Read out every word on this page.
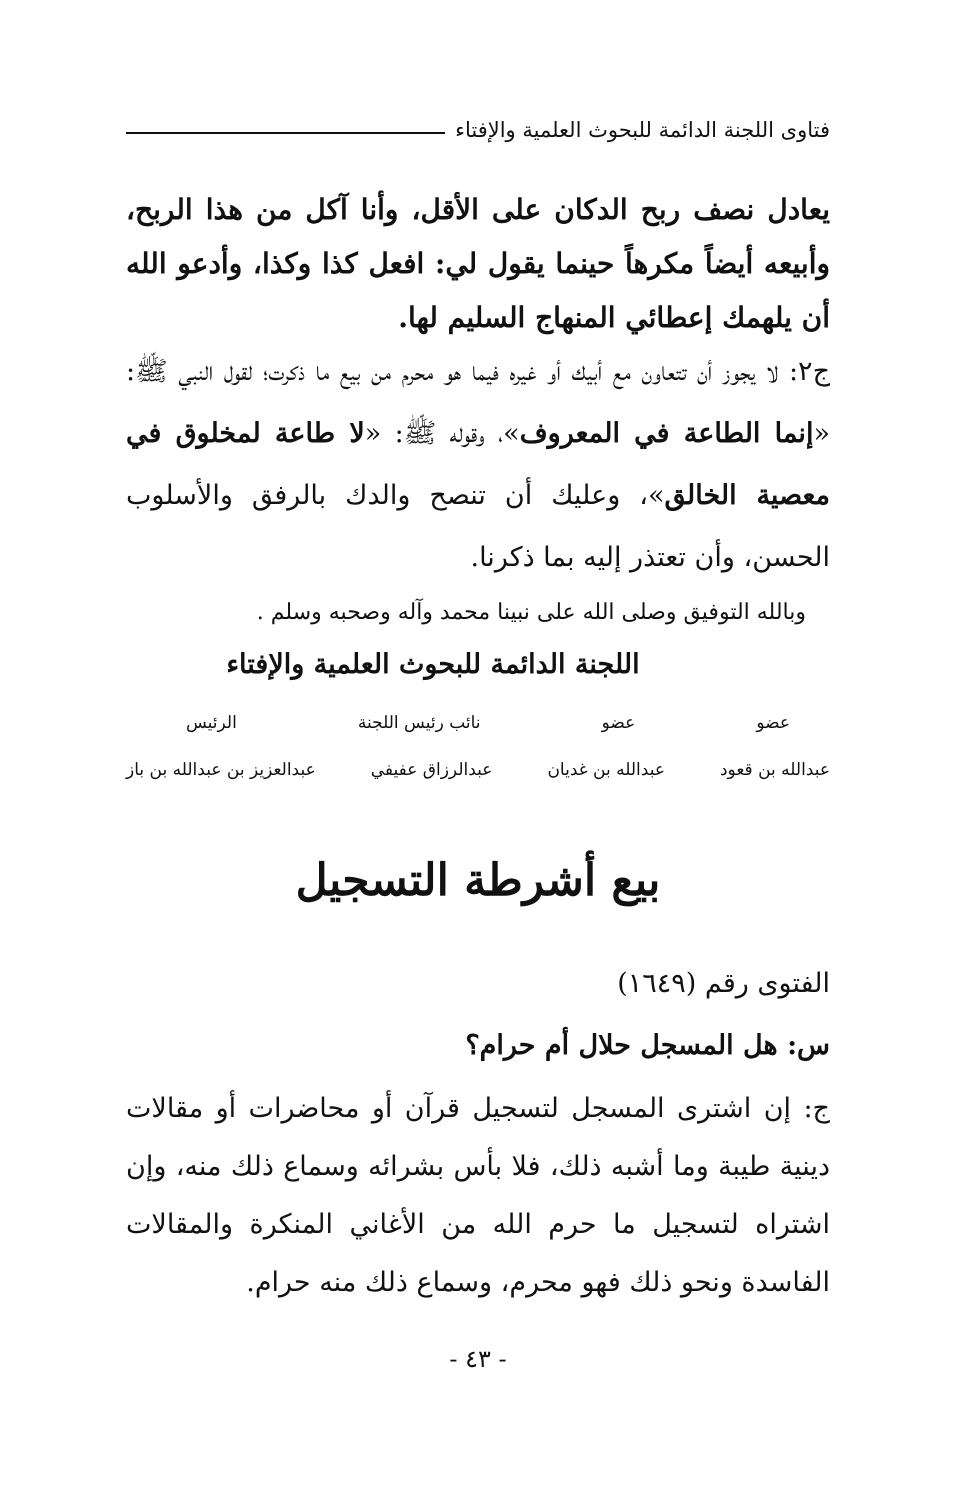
فتاوى اللجنة الدائمة للبحوث العلمية والإفتاء
يعادل نصف ربح الدكان على الأقل، وأنا آكل من هذا الربح، وأبيعه أيضاً مكرهاً حينما يقول لي: افعل كذا وكذا، وأدعو الله أن يلهمك إعطائي المنهاج السليم لها.
ج٢: لا يجوز أن تتعاون مع أبيك أو غيره فيما هو محرم من بيع ما ذكرت؛ لقول النبي ﷺ: «إنما الطاعة في المعروف»، وقوله ﷺ: «لا طاعة لمخلوق في معصية الخالق»، وعليك أن تنصح والدك بالرفق والأسلوب الحسن، وأن تعتذر إليه بما ذكرنا.
وبالله التوفيق وصلى الله على نبينا محمد وآله وصحبه وسلم .
اللجنة الدائمة للبحوث العلمية والإفتاء
عضو
عضو
نائب رئيس اللجنة
الرئيس
عبدالله بن قعود
عبدالله بن غديان
عبدالرزاق عفيفي
عبدالعزيز بن عبدالله بن باز
بيع أشرطة التسجيل
الفتوى رقم (١٦٤٩)
س: هل المسجل حلال أم حرام؟
ج: إن اشترى المسجل لتسجيل قرآن أو محاضرات أو مقالات دينية طيبة وما أشبه ذلك، فلا بأس بشرائه وسماع ذلك منه، وإن اشتراه لتسجيل ما حرم الله من الأغاني المنكرة والمقالات الفاسدة ونحو ذلك فهو محرم، وسماع ذلك منه حرام.
- ٤٣ -
